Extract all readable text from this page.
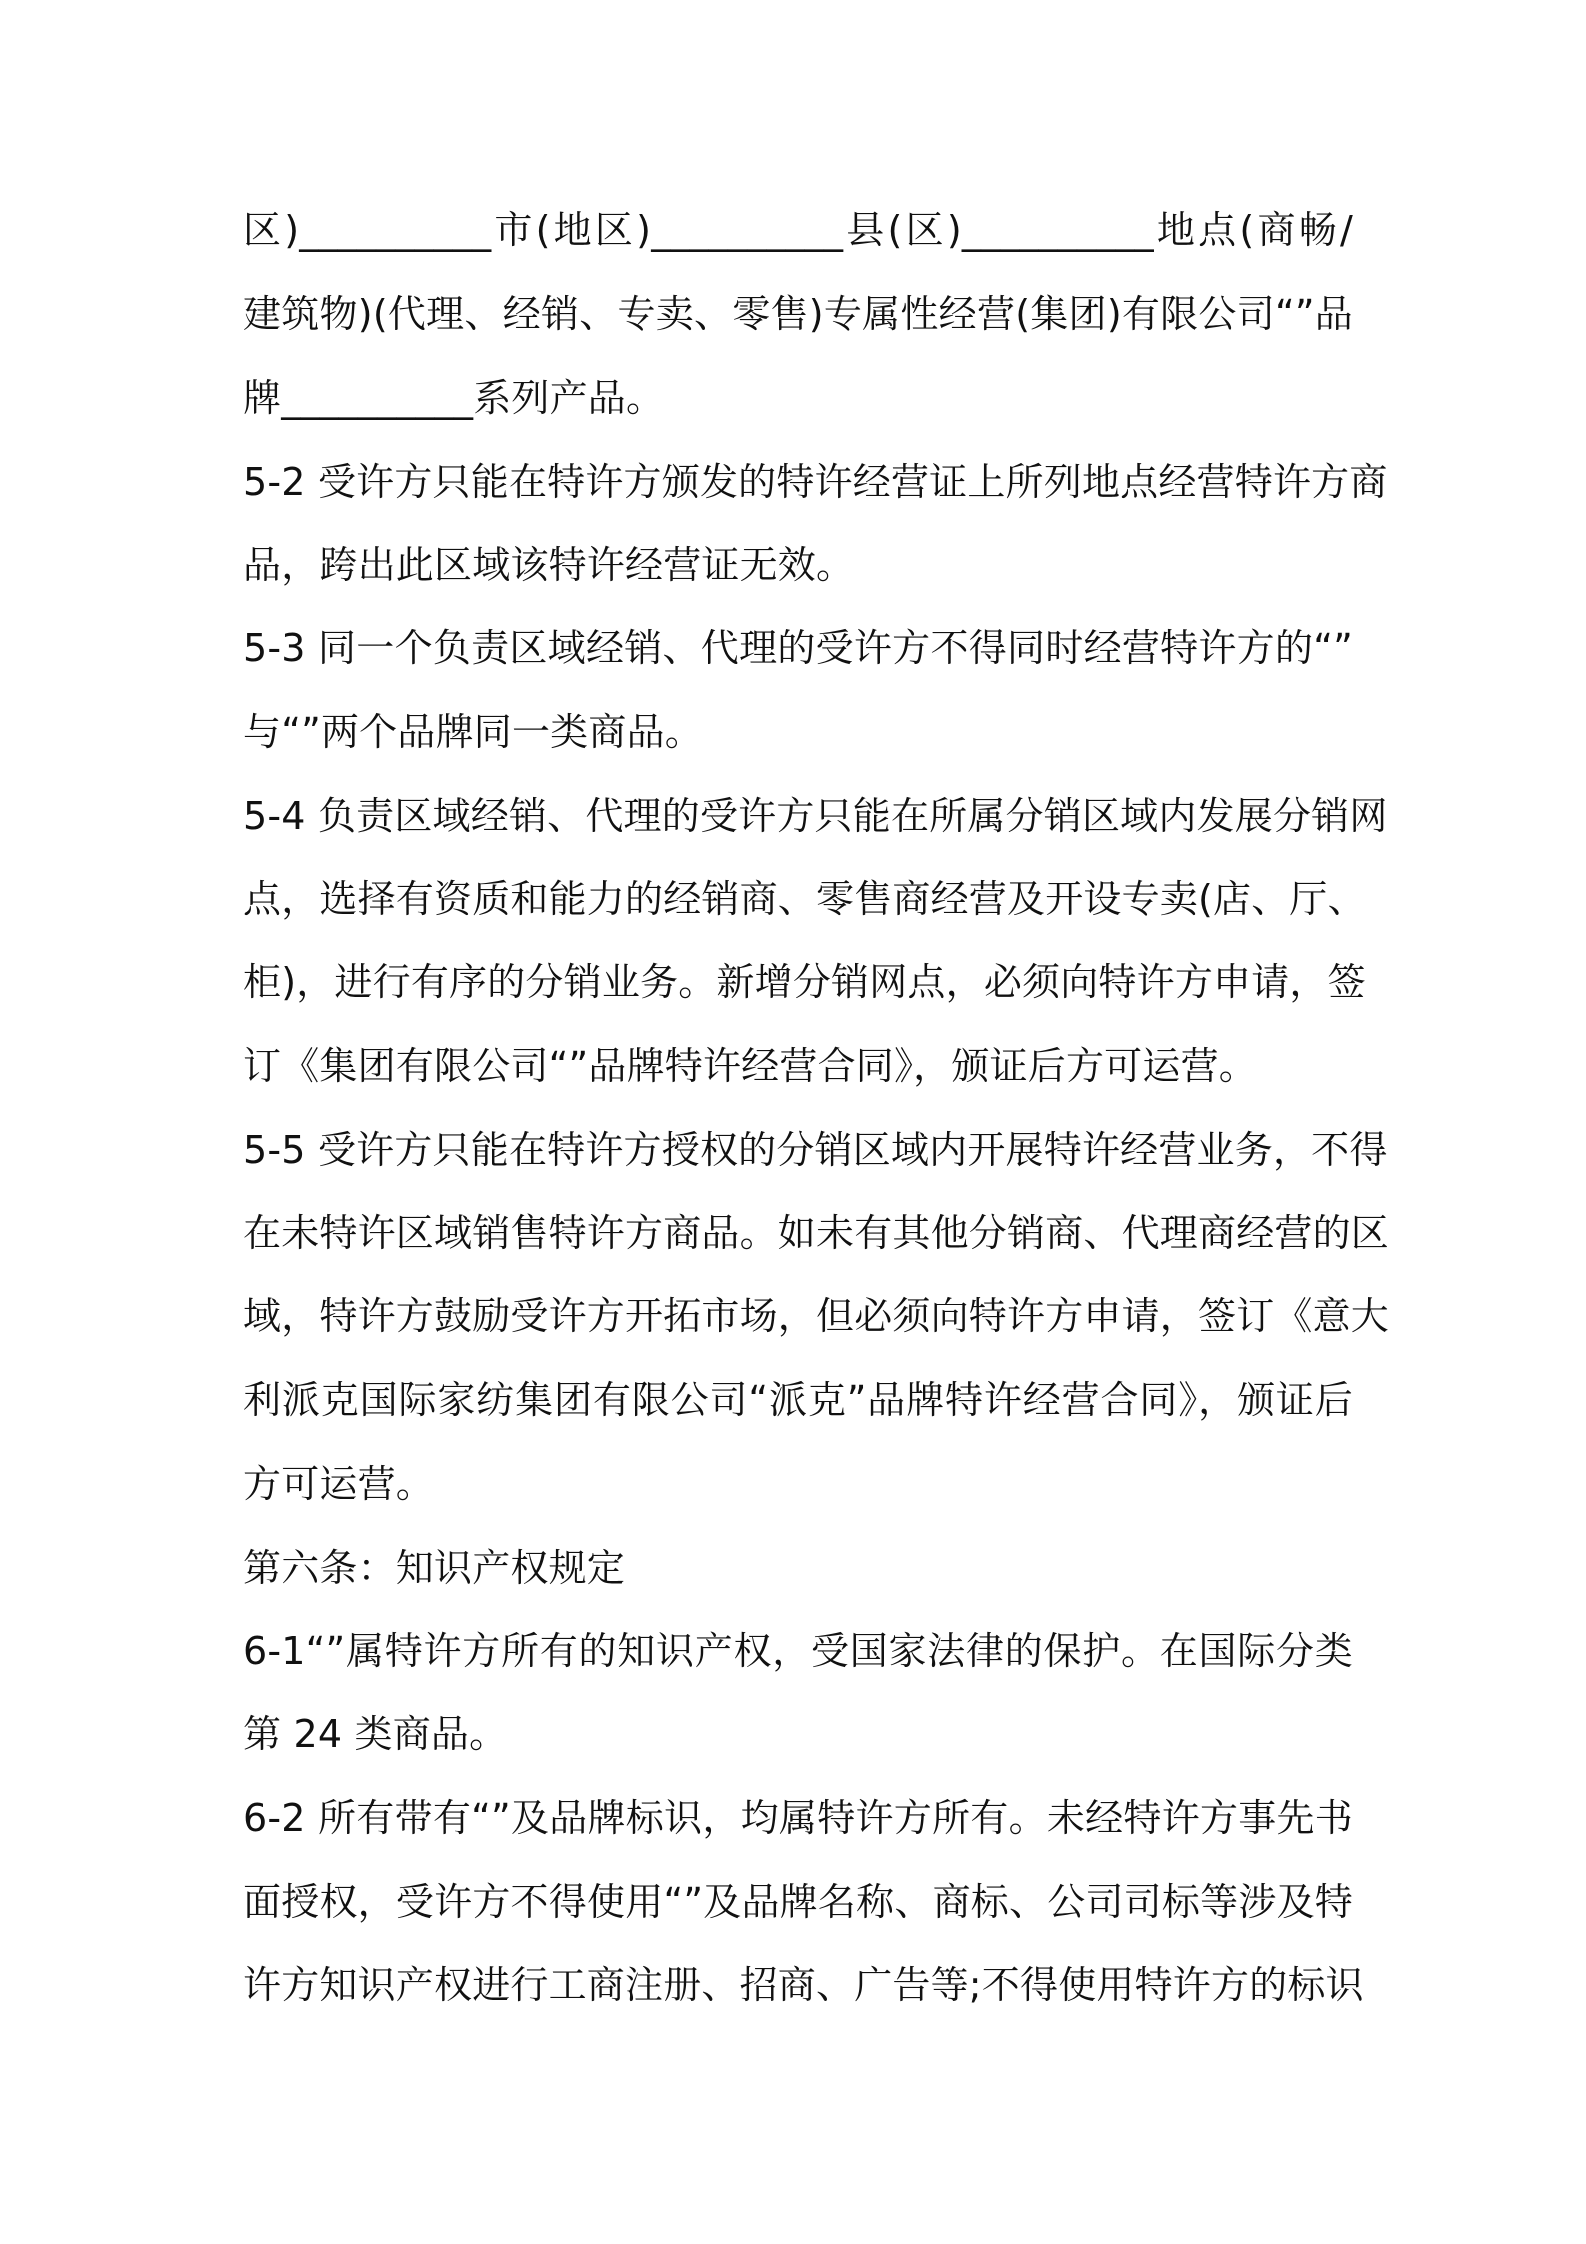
区)__________市(地区)__________县(区)__________地点(商畅/
建筑物)(代理、经销、专卖、零售)专属性经营(集团)有限公司“”品
牌__________系列产品。
5-2 受许方只能在特许方颁发的特许经营证上所列地点经营特许方商
品，跨出此区域该特许经营证无效。
5-3 同一个负责区域经销、代理的受许方不得同时经营特许方的“”
与“”两个品牌同一类商品。
5-4 负责区域经销、代理的受许方只能在所属分销区域内发展分销网
点，选择有资质和能力的经销商、零售商经营及开设专卖(店、厅、
柜)，进行有序的分销业务。新增分销网点，必须向特许方申请，签
订《集团有限公司“”品牌特许经营合同》，颁证后方可运营。
5-5 受许方只能在特许方授权的分销区域内开展特许经营业务，不得
在未特许区域销售特许方商品。如未有其他分销商、代理商经营的区
域，特许方鼓励受许方开拓市场，但必须向特许方申请，签订《意大
利派克国际家纺集团有限公司“派克”品牌特许经营合同》，颁证后
方可运营。
第六条：知识产权规定
6-1“”属特许方所有的知识产权，受国家法律的保护。在国际分类
第 24 类商品。
6-2 所有带有“”及品牌标识，均属特许方所有。未经特许方事先书
面授权，受许方不得使用“”及品牌名称、商标、公司司标等涉及特
许方知识产权进行工商注册、招商、广告等;不得使用特许方的标识
